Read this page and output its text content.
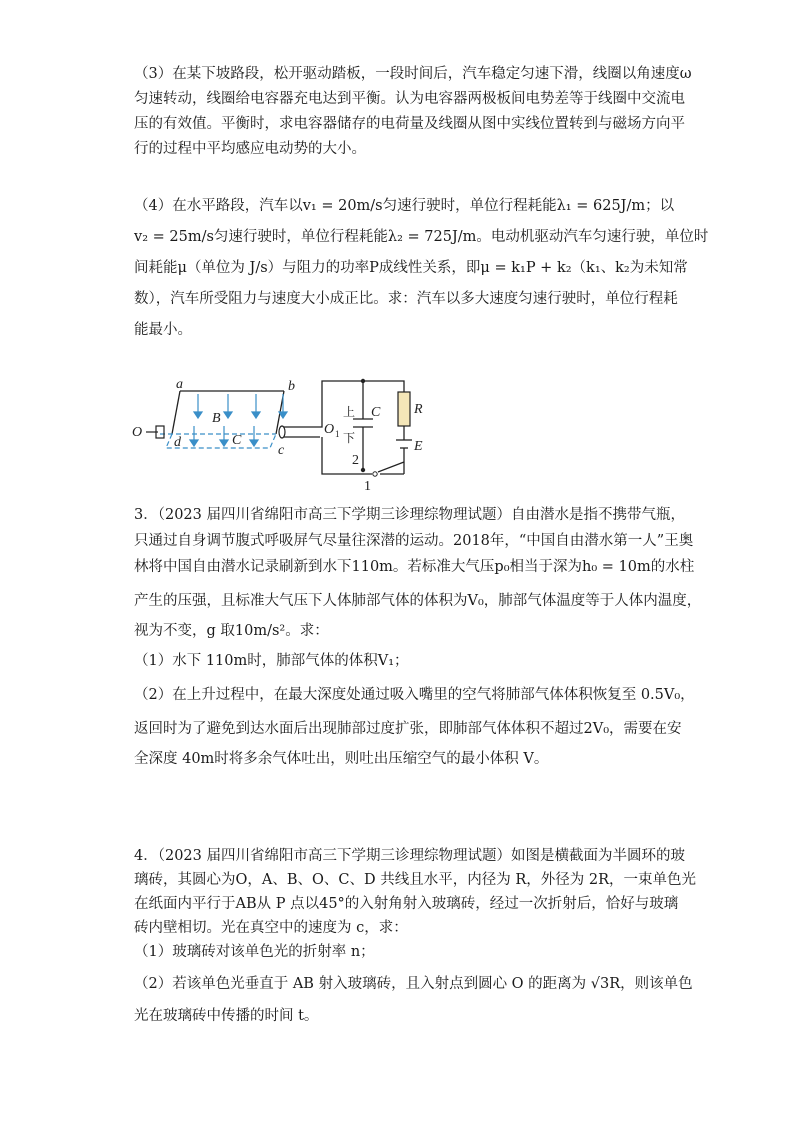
（3）在某下坡路段，松开驱动踏板，一段时间后，汽车稳定匀速下滑，线圈以角速度ω
匀速转动，线圈给电容器充电达到平衡。认为电容器两极板间电势差等于线圈中交流电
压的有效值。平衡时，求电容器储存的电荷量及线圈从图中实线位置转到与磁场方向平
行的过程中平均感应电动势的大小。
（4）在水平路段，汽车以v₁ = 20m/s匀速行驶时，单位行程耗能λ₁ = 625J/m；以
v₂ = 25m/s匀速行驶时，单位行程耗能λ₂ = 725J/m。电动机驱动汽车匀速行驶，单位时
间耗能μ（单位为 J/s）与阻力的功率P成线性关系，即μ = k₁P + k₂（k₁、k₂为未知常
数），汽车所受阻力与速度大小成正比。求：汽车以多大速度匀速行驶时，单位行程耗
能最小。
a	b
d
c
B
C
O	O 1
上
下
C R
E
2
1
3．（2023 届四川省绵阳市高三下学期三诊理综物理试题）自由潜水是指不携带气瓶，
只通过自身调节腹式呼吸屏气尽量往深潜的运动。2018年，“中国自由潜水第一人”王奥
林将中国自由潜水记录刷新到水下110m。若标准大气压p₀相当于深为h₀ = 10m的水柱
产生的压强，且标准大气压下人体肺部气体的体积为V₀，肺部气体温度等于人体内温度，
视为不变，g 取10m/s²。求：
（1）水下 110m时，肺部气体的体积V₁；
（2）在上升过程中，在最大深度处通过吸入嘴里的空气将肺部气体体积恢复至 0.5V₀，
返回时为了避免到达水面后出现肺部过度扩张，即肺部气体体积不超过2V₀，需要在安
全深度 40m时将多余气体吐出，则吐出压缩空气的最小体积 V。
4．（2023 届四川省绵阳市高三下学期三诊理综物理试题）如图是横截面为半圆环的玻
璃砖，其圆心为O，A、B、O、C、D 共线且水平，内径为 R，外径为 2R，一束单色光
在纸面内平行于AB从 P 点以45°的入射角射入玻璃砖，经过一次折射后，恰好与玻璃
砖内壁相切。光在真空中的速度为 c，求：
（1）玻璃砖对该单色光的折射率 n；
（2）若该单色光垂直于 AB 射入玻璃砖，且入射点到圆心 O 的距离为 √3R，则该单色
光在玻璃砖中传播的时间 t。
